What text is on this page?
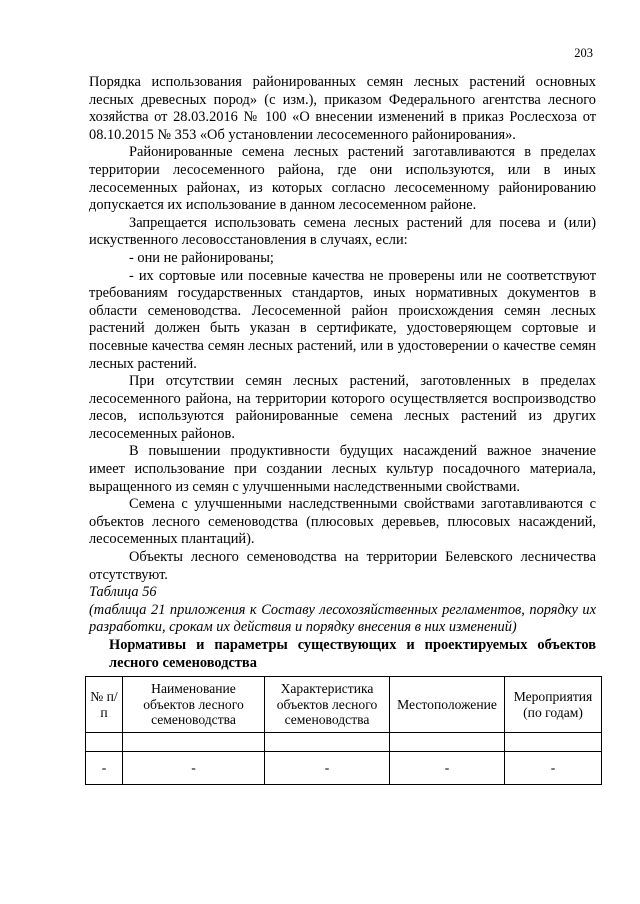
203

Порядка использования районированных семян лесных растений основных лесных древесных пород» (с изм.), приказом Федерального агентства лесного хозяйства от 28.03.2016 № 100 «О внесении изменений в приказ Рослесхоза от 08.10.2015 № 353 «Об установлении лесосеменного районирования».

Районированные семена лесных растений заготавливаются в пределах территории лесосеменного района, где они используются, или в иных лесосеменных районах, из которых согласно лесосеменному районированию допускается их использование в данном лесосеменном районе.

Запрещается использовать семена лесных растений для посева и (или) искуственного лесовосстановления в случаях, если:

- они не районированы;

- их сортовые или посевные качества не проверены или не соответствуют требованиям государственных стандартов, иных нормативных документов в области семеноводства. Лесосеменной район происхождения семян лесных растений должен быть указан в сертификате, удостоверяющем сортовые и посевные качества семян лесных растений, или в удостоверении о качестве семян лесных растений.

При отсутствии семян лесных растений, заготовленных в пределах лесосеменного района, на территории которого осуществляется воспроизводство лесов, используются районированные семена лесных растений из других лесосеменных районов.

В повышении продуктивности будущих насаждений важное значение имеет использование при создании лесных культур посадочного материала, выращенного из семян с улучшенными наследственными свойствами.

Семена с улучшенными наследственными свойствами заготавливаются с объектов лесного семеноводства (плюсовых деревьев, плюсовых насаждений, лесосеменных плантаций).

Объекты лесного семеноводства на территории Белевского лесничества отсутствуют.

Таблица 56

(таблица 21 приложения к Составу лесохозяйственных регламентов, порядку их разработки, срокам их действия и порядку внесения в них изменений)

Нормативы и параметры существующих и проектируемых объектов лесного семеноводства

№ п/п	Наименование объектов лесного семеноводства	Характеристика объектов лесного семеноводства	Местоположение	Мероприятия (по годам)

-	-	-	-	-
